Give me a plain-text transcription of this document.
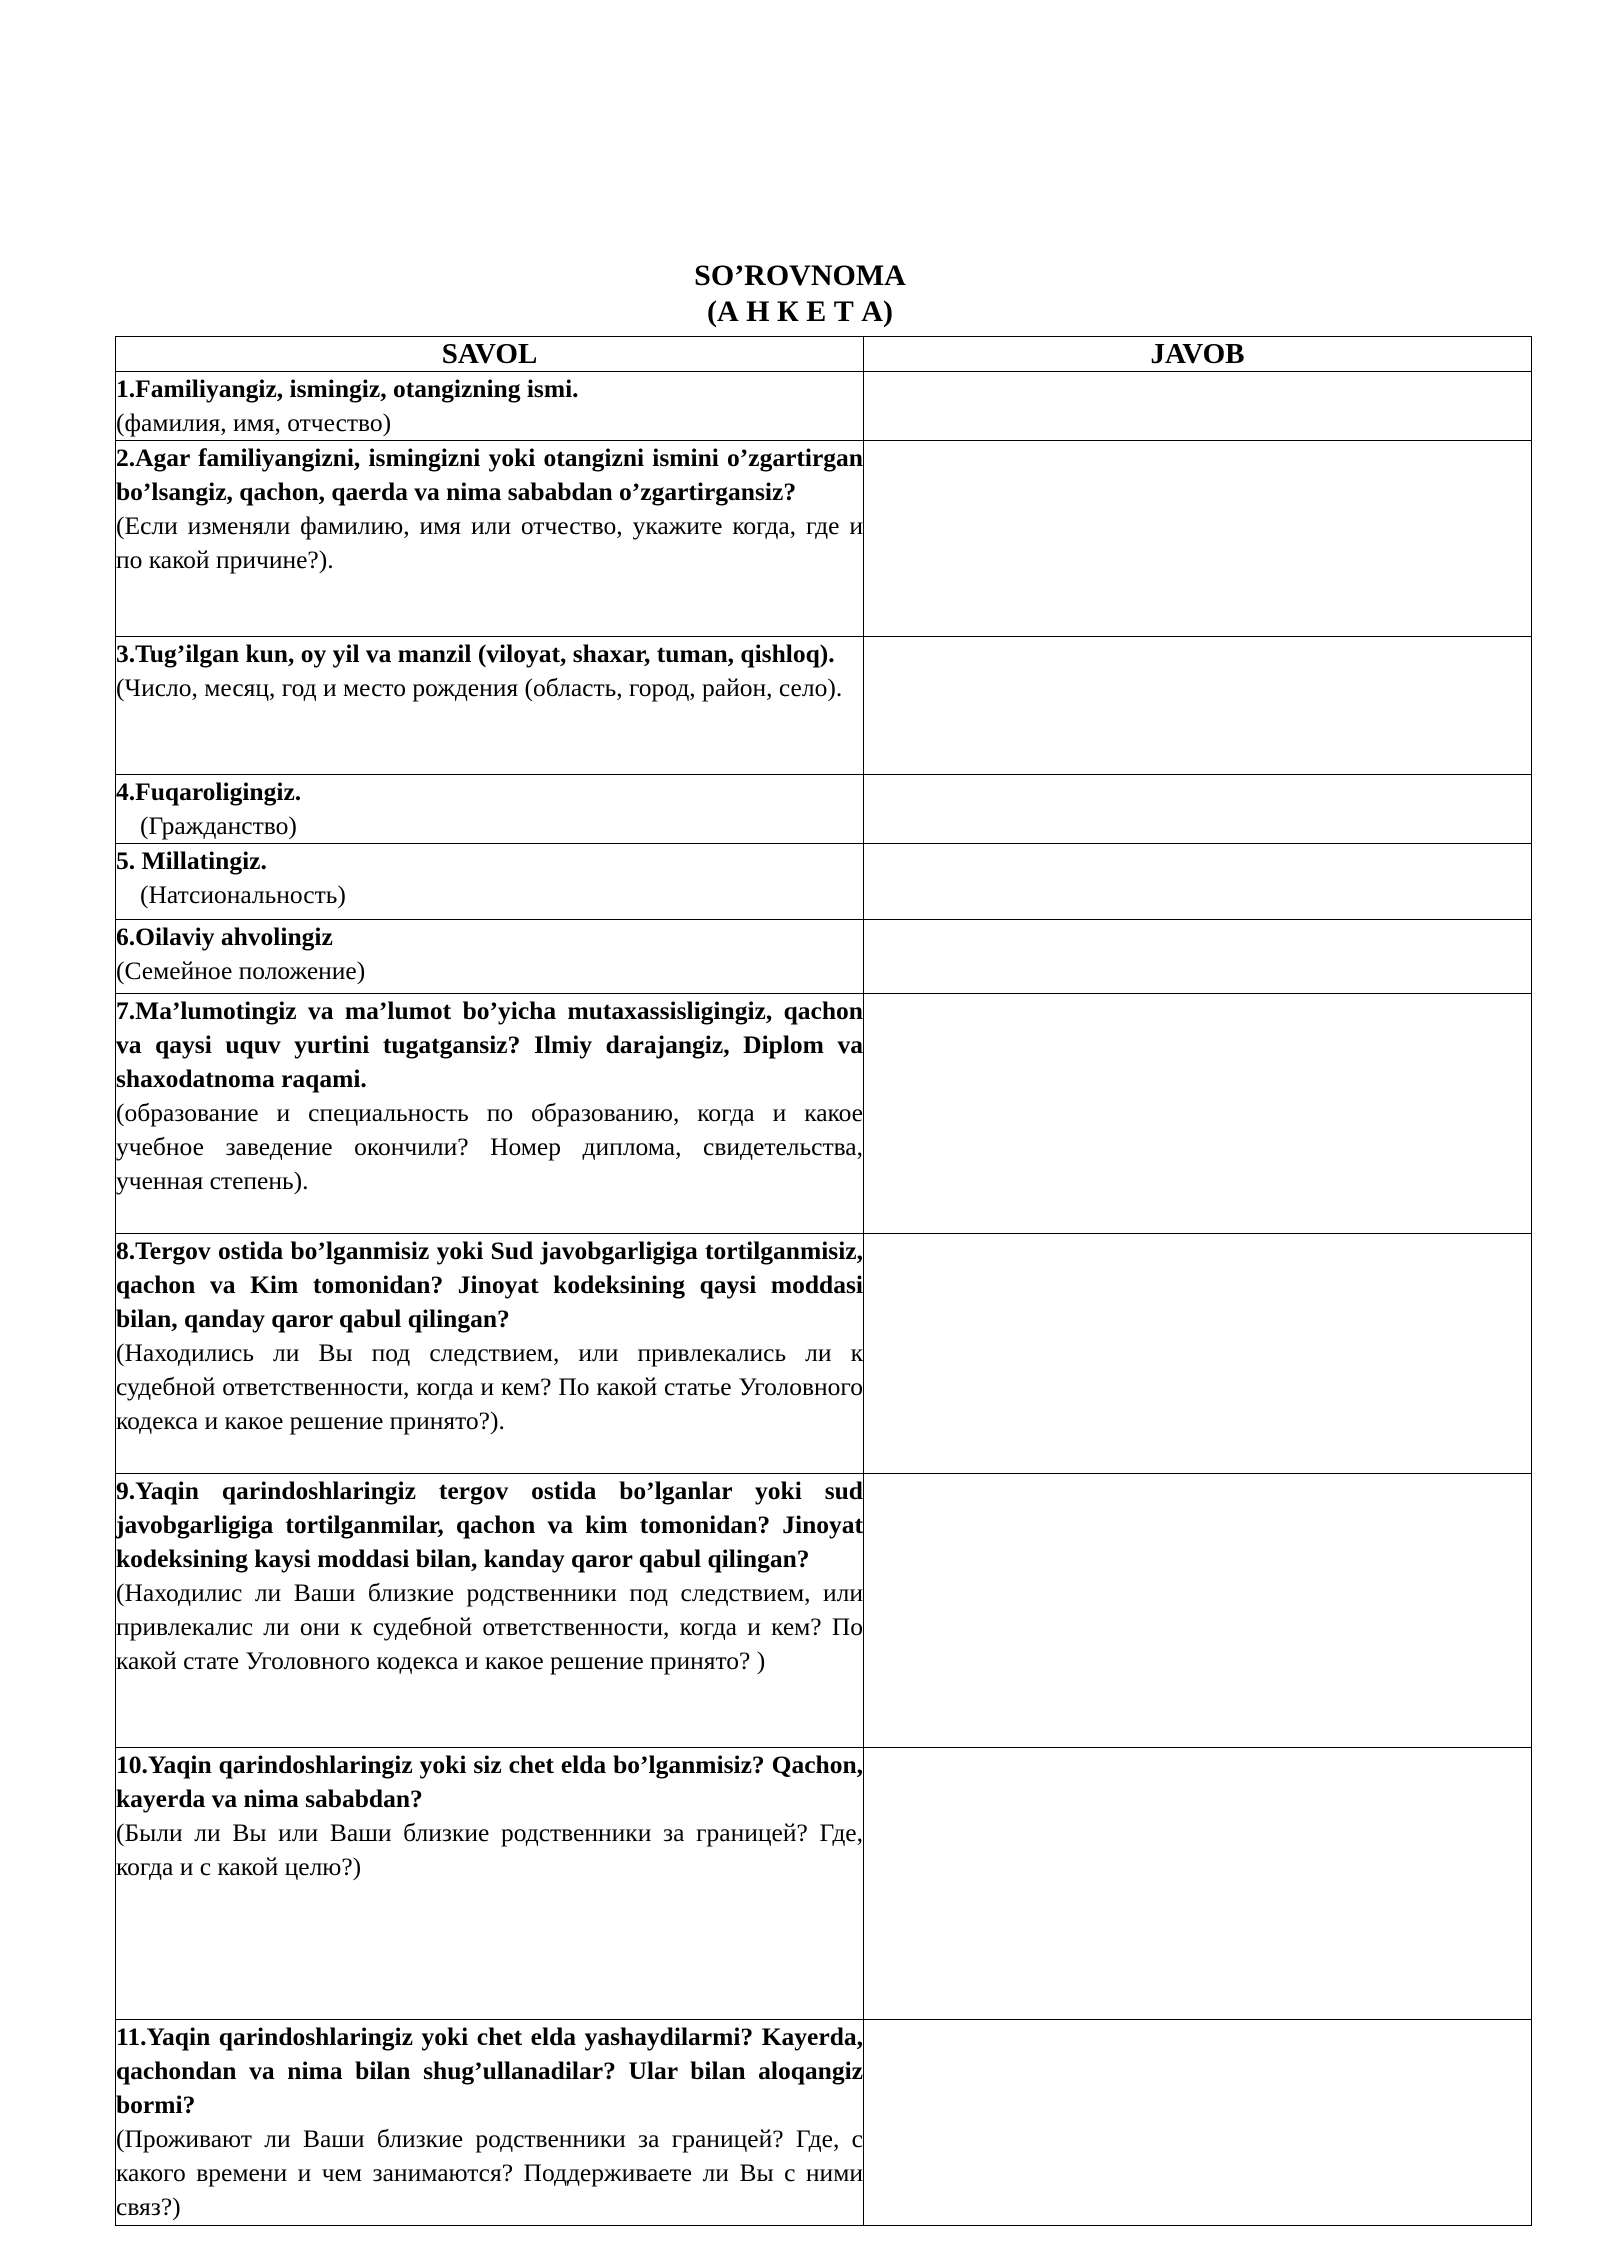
SO’ROVNOMA
(А Н К Е Т А)
SAVOL	JAVOB

1.Familiyangiz, ismingiz, otangizning ismi.

(фамилия, имя, отчество)	

2.Agar familiyangizni, ismingizni yoki otangizni ismini o’zgartirgan bo’lsangiz, qachon, qaerda va nima sababdan o’zgartirgansiz?

(Если изменяли фамилию, имя или отчество, укажите когда, где и по какой причине?).	

3.Tug’ilgan kun, oy yil va manzil (viloyat, shaxar, tuman, qishloq).

(Число, месяц, год и место рождения (область, город, район, село).	

4.Fuqaroligingiz.

(Гражданство)	

5. Millatingiz.

(Натсиональность)	

6.Oilaviy ahvolingiz

(Семейное положение)	

7.Ma’lumotingiz va ma’lumot bo’yicha mutaxassisligingiz, qachon va qaysi uquv yurtini tugatgansiz? Ilmiy darajangiz, Diplom va shaxodatnoma raqami.

(образование и специальность по образованию, когда и какое учебное заведение окончили? Номер диплома, свидетельства, ученная степень).	

8.Tergov ostida bo’lganmisiz yoki Sud javobgarligiga tortilganmisiz, qachon va Kim tomonidan? Jinoyat kodeksining qaysi moddasi bilan, qanday qaror qabul qilingan?

(Находились ли Вы под следствием, или привлекались ли к судебной ответственности, когда и кем? По какой статье Уголовного кодекса и какое решение принято?).	

9.Yaqin qarindoshlaringiz tergov ostida bo’lganlar yoki sud javobgarligiga tortilganmilar, qachon va kim tomonidan? Jinoyat kodeksining kaysi moddasi bilan, kanday qaror qabul qilingan?

(Находилис ли Ваши близкие родственники под следствием, или привлекалис ли они к судебной ответственности, когда и кем? По какой стате Уголовного кодекса и какое решение принято? )	

10.Yaqin qarindoshlaringiz yoki siz chet elda bo’lganmisiz? Qachon, kayerda va nima sababdan?

(Были ли Вы или Ваши близкие родственники за границей? Где, когда и с какой целю?)	

11.Yaqin qarindoshlaringiz yoki chet elda yashaydilarmi? Kayerda, qachondan va nima bilan shug’ullanadilar? Ular bilan aloqangiz bormi?

(Проживают ли Ваши близкие родственники за границей? Где, с какого времени и чем занимаются? Поддерживаете ли Вы с ними связ?)	
